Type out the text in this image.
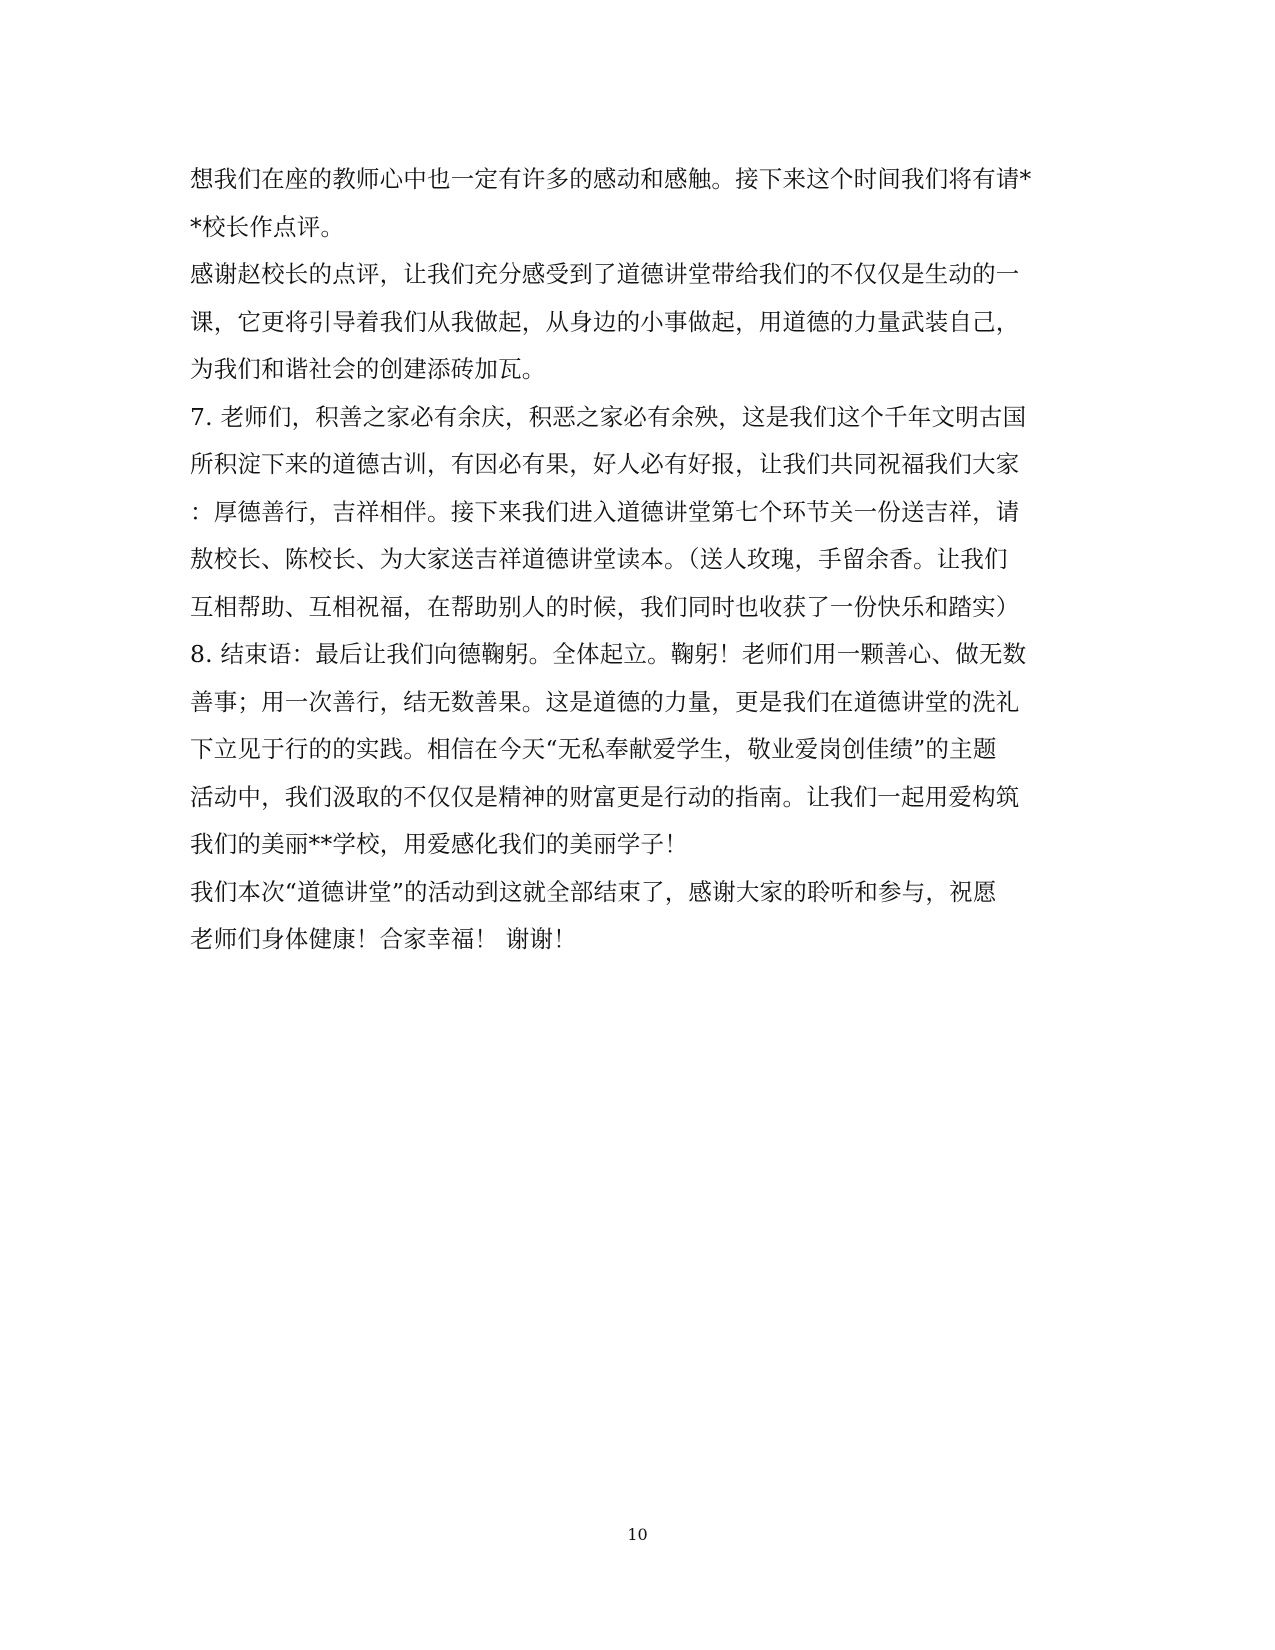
想我们在座的教师心中也一定有许多的感动和感触。接下来这个时间我们将有请*
*校长作点评。
感谢赵校长的点评，让我们充分感受到了道德讲堂带给我们的不仅仅是生动的一
课，它更将引导着我们从我做起，从身边的小事做起，用道德的力量武装自己，
为我们和谐社会的创建添砖加瓦。
7. 老师们，积善之家必有余庆，积恶之家必有余殃，这是我们这个千年文明古国
所积淀下来的道德古训，有因必有果，好人必有好报，让我们共同祝福我们大家
：厚德善行，吉祥相伴。接下来我们进入道德讲堂第七个环节关一份送吉祥，请
敖校长、陈校长、为大家送吉祥道德讲堂读本。（送人玫瑰，手留余香。让我们
互相帮助、互相祝福，在帮助别人的时候，我们同时也收获了一份快乐和踏实）
8. 结束语：最后让我们向德鞠躬。全体起立。鞠躬！老师们用一颗善心、做无数
善事；用一次善行，结无数善果。这是道德的力量，更是我们在道德讲堂的洗礼
下立见于行的的实践。相信在今天“无私奉献爱学生，敬业爱岗创佳绩”的主题
活动中，我们汲取的不仅仅是精神的财富更是行动的指南。让我们一起用爱构筑
我们的美丽**学校，用爱感化我们的美丽学子！
我们本次“道德讲堂”的活动到这就全部结束了，感谢大家的聆听和参与，祝愿
老师们身体健康！合家幸福！ 谢谢！
10
